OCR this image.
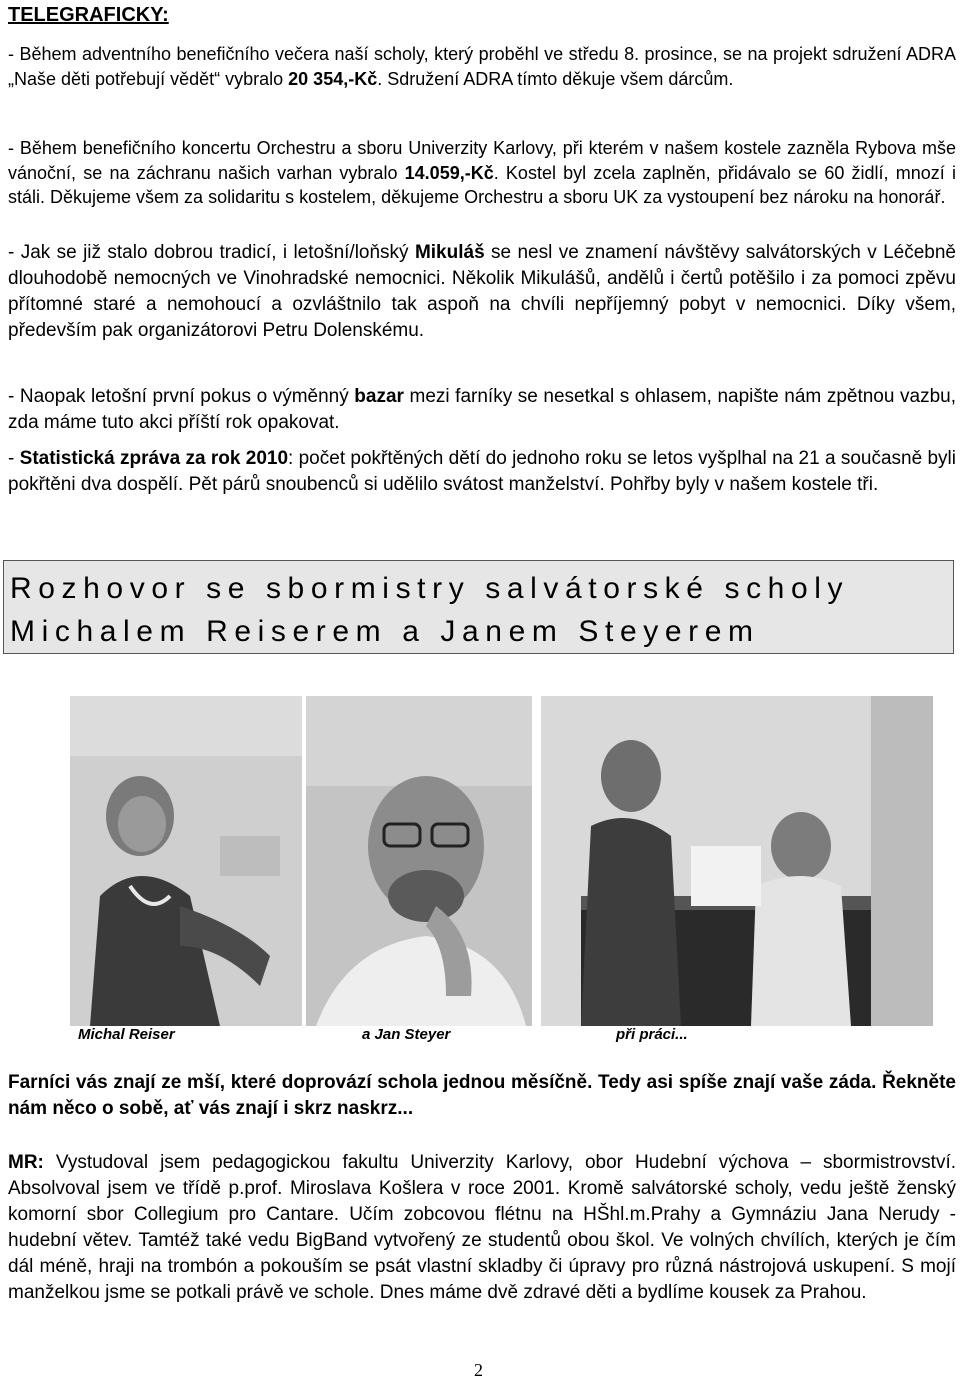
TELEGRAFICKY:

- Během adventního benefičního večera naší scholy, který proběhl ve středu 8. prosince, se na projekt sdružení ADRA „Naše děti potřebují vědět“ vybralo 20 354,-Kč. Sdružení ADRA tímto děkuje všem dárcům.

- Během benefičního koncertu Orchestru a sboru Univerzity Karlovy, při kterém v našem kostele zazněla Rybova mše vánoční, se na záchranu našich varhan vybralo 14.059,-Kč. Kostel byl zcela zaplněn, přidávalo se 60 židlí, mnozí i stáli. Děkujeme všem za solidaritu s kostelem, děkujeme Orchestru a sboru UK za vystoupení bez nároku na honorář.

- Jak se již stalo dobrou tradicí, i letošní/loňský Mikuláš se nesl ve znamení návštěvy salvátorských v Léčebně dlouhodobě nemocných ve Vinohradské nemocnici. Několik Mikulášů, andělů i čertů potěšilo i za pomoci zpěvu přítomné staré a nemohoucí a ozvláštnilo tak aspoň na chvíli nepříjemný pobyt v nemocnici. Díky všem, především pak organizátorovi Petru Dolenskému.

- Naopak letošní první pokus o výměnný bazar mezi farníky se nesetkal s ohlasem, napište nám zpětnou vazbu, zda máme tuto akci příští rok opakovat.

- Statistická zpráva za rok 2010: počet pokřtěných dětí do jednoho roku se letos vyšplhal na 21 a současně byli pokřtěni dva dospělí. Pět párů snoubenců si udělilo svátost manželství. Pohřby byly v našem kostele tři.

Rozhovor se sbormistry salvátorské scholy
Michalem Reiserem a Janem Steyerem
Michal Reiser	a Jan Steyer	při práci...

Farníci vás znají ze mší, které doprovází schola jednou měsíčně. Tedy asi spíše znají vaše záda. Řekněte nám něco o sobě, ať vás znají i skrz naskrz...

MR: Vystudoval jsem pedagogickou fakultu Univerzity Karlovy, obor Hudební výchova – sbormistrovství. Absolvoval jsem ve třídě p.prof. Miroslava Košlera v roce 2001. Kromě salvátorské scholy, vedu ještě ženský komorní sbor Collegium pro Cantare. Učím zobcovou flétnu na HŠhl.m.Prahy a Gymnáziu Jana Nerudy - hudební větev. Tamtéž také vedu BigBand vytvořený ze studentů obou škol. Ve volných chvílích, kterých je čím dál méně, hraji na trombón a pokouším se psát vlastní skladby či úpravy pro různá nástrojová uskupení. S mojí manželkou jsme se potkali právě ve schole. Dnes máme dvě zdravé děti a bydlíme kousek za Prahou.

2
